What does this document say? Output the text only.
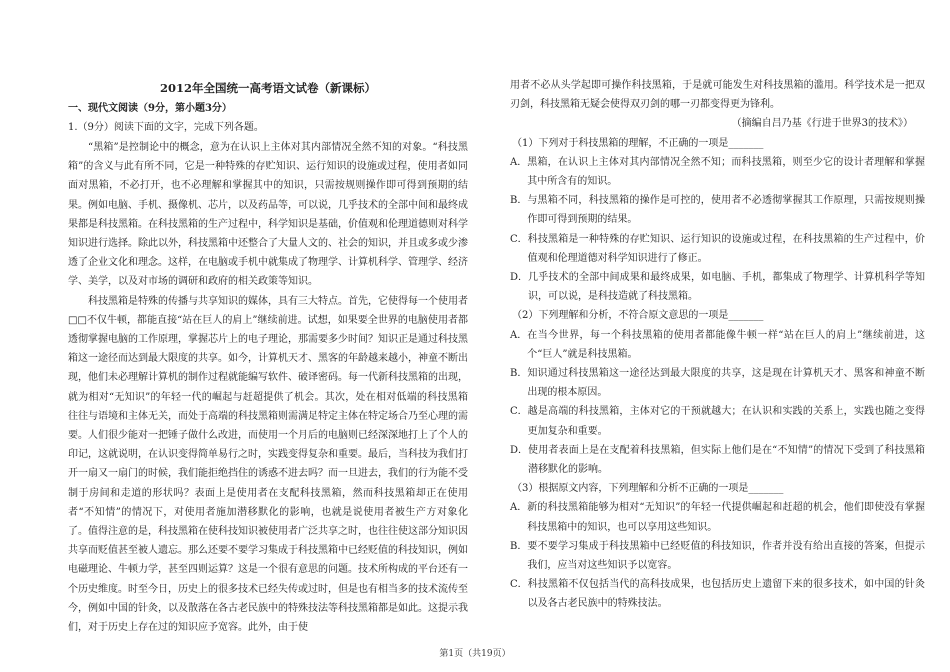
2012年全国统一高考语文试卷（新课标）
一、现代文阅读（9分，第小题3分）
1.（9分）阅读下面的文字，完成下列各题。

“黑箱”是控制论中的概念，意为在认识上主体对其内部情况全然不知的对象。“科技黑箱”的含义与此有所不同，它是一种特殊的存贮知识、运行知识的设施或过程，使用者如同面对黑箱，不必打开，也不必理解和掌握其中的知识，只需按规则操作即可得到预期的结果。例如电脑、手机、摄像机、芯片，以及药品等，可以说，几乎技术的全部中间和最终成果都是科技黑箱。在科技黑箱的生产过程中，科学知识是基础，价值观和伦理道德则对科学知识进行选择。除此以外，科技黑箱中还整合了大量人文的、社会的知识，并且或多或少渗透了企业文化和理念。这样，在电脑或手机中就集成了物理学、计算机科学、管理学、经济学、美学，以及对市场的调研和政府的相关政策等知识。

科技黑箱是特殊的传播与共享知识的媒体，具有三大特点。首先，它使得每一个使用者□□不仅牛顿，都能直接“站在巨人的肩上”继续前进。试想，如果要全世界的电脑使用者都透彻掌握电脑的工作原理，掌握芯片上的电子理论，那需要多少时间？知识正是通过科技黑箱这一途径而达到最大限度的共享。如今，计算机天才、黑客的年龄越来越小，神童不断出现，他们未必理解计算机的制作过程就能编写软件、破译密码。每一代新科技黑箱的出现，就为相对“无知识”的年轻一代的崛起与赶超提供了机会。其次，处在相对低端的科技黑箱往往与语境和主体无关，而处于高端的科技黑箱则需满足特定主体在特定场合乃至心理的需要。人们很少能对一把锤子做什么改进，而使用一个月后的电脑则已经深深地打上了个人的印记，这就说明，在认识变得简单易行之时，实践变得复杂和重要。最后，当科技为我们打开一扇又一扇门的时候，我们能拒绝挡住的诱惑不进去吗？而一旦进去，我们的行为能不受制于房间和走道的形状吗？表面上是使用者在支配科技黑箱，然而科技黑箱却正在使用者“不知情”的情况下，对使用者施加潜移默化的影响，也就是说使用者被生产方对象化了。值得注意的是，科技黑箱在使科技知识被使用者广泛共享之时，也往往使这部分知识因共享而贬值甚至被人遗忘。那么还要不要学习集成于科技黑箱中已经贬值的科技知识，例如电磁理论、牛顿力学，甚至四则运算？这是一个很有意思的问题。技术所构成的平台还有一个历史维度。时至今日，历史上的很多技术已经失传或过时，但是也有相当多的技术流传至今，例如中国的针灸，以及散落在各古老民族中的特殊技法等科技黑箱都是如此。这提示我们，对于历史上存在过的知识应予宽容。此外，由于使

用者不必从头学起即可操作科技黑箱，于是就可能发生对科技黑箱的滥用。科学技术是一把双刃剑，科技黑箱无疑会使得双刃剑的哪一刃都变得更为锋利。

（摘编自吕乃基《行进于世界3的技术》）

（1）下列对于科技黑箱的理解，不正确的一项是_______

A． 黑箱，在认识上主体对其内部情况全然不知；而科技黑箱，则至少它的设计者理解和掌握其中所含有的知识。
B． 与黑箱不同，科技黑箱的操作是可控的，使用者不必透彻掌握其工作原理，只需按规则操作即可得到预期的结果。
C． 科技黑箱是一种特殊的存贮知识、运行知识的设施或过程，在科技黑箱的生产过程中，价值观和伦理道德对科学知识进行了修正。
D． 几乎技术的全部中间成果和最终成果，如电脑、手机，都集成了物理学、计算机科学等知识，可以说，是科技造就了科技黑箱。

（2）下列理解和分析，不符合原文意思的一项是_______

A． 在当今世界，每一个科技黑箱的使用者都能像牛顿一样“站在巨人的肩上”继续前进，这个“巨人”就是科技黑箱。
B． 知识通过科技黑箱这一途径达到最大限度的共享，这是现在计算机天才、黑客和神童不断出现的根本原因。
C． 越是高端的科技黑箱，主体对它的干预就越大；在认识和实践的关系上，实践也随之变得更加复杂和重要。
D． 使用者表面上是在支配着科技黑箱，但实际上他们是在“不知情”的情况下受到了科技黑箱潜移默化的影响。

（3）根据原文内容，下列理解和分析不正确的一项是_______

A． 新的科技黑箱能够为相对“无知识”的年轻一代提供崛起和赶超的机会，他们即使没有掌握科技黑箱中的知识，也可以享用这些知识。
B． 要不要学习集成于科技黑箱中已经贬值的科技知识，作者并没有给出直接的答案，但提示我们，应当对这些知识予以宽容。
C． 科技黑箱不仅包括当代的高科技成果，也包括历史上遗留下来的很多技术，如中国的针灸以及各古老民族中的特殊技法。
第1页（共19页）
